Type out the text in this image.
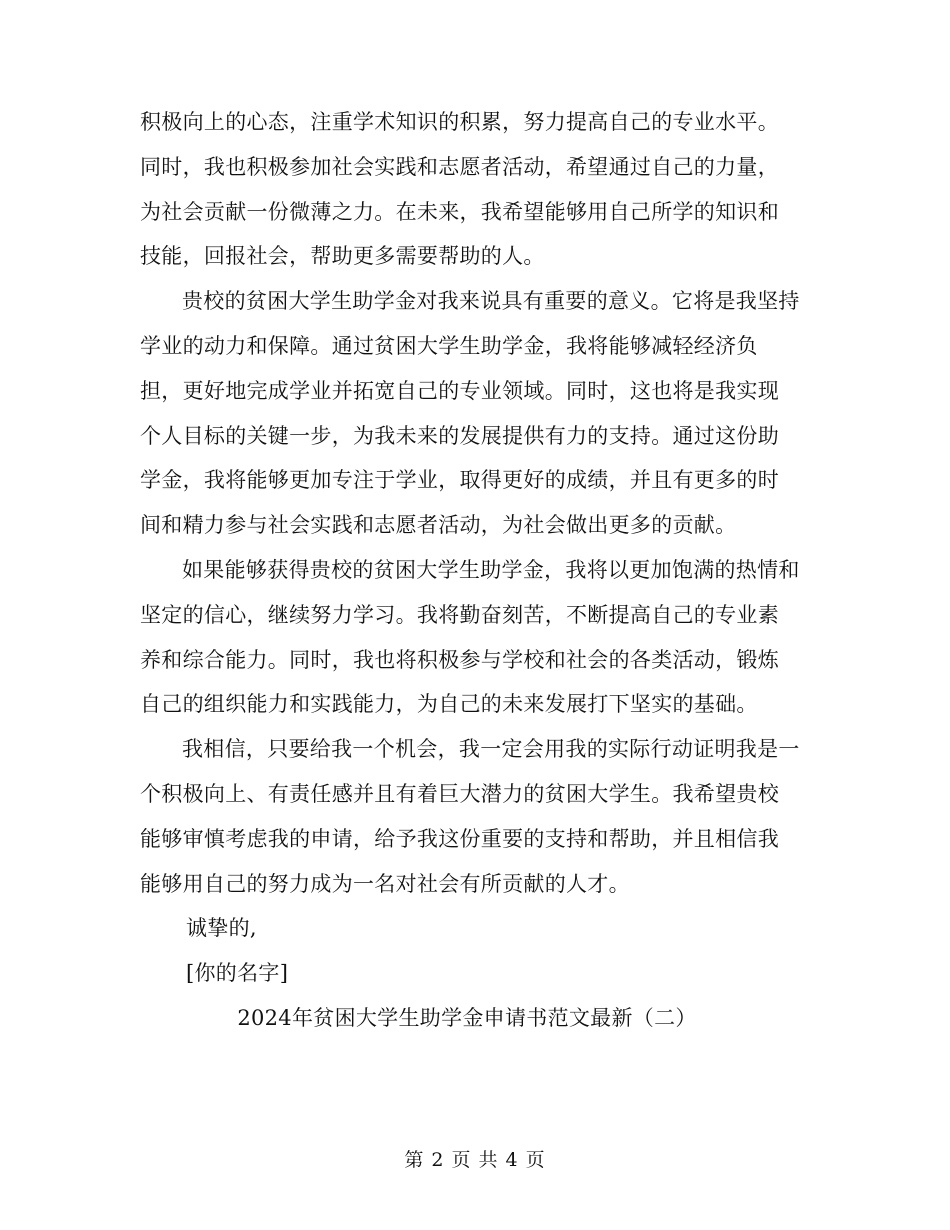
积极向上的心态，注重学术知识的积累，努力提高自己的专业水平。同时，我也积极参加社会实践和志愿者活动，希望通过自己的力量，为社会贡献一份微薄之力。在未来，我希望能够用自己所学的知识和技能，回报社会，帮助更多需要帮助的人。

贵校的贫困大学生助学金对我来说具有重要的意义。它将是我坚持学业的动力和保障。通过贫困大学生助学金，我将能够减轻经济负担，更好地完成学业并拓宽自己的专业领域。同时，这也将是我实现个人目标的关键一步，为我未来的发展提供有力的支持。通过这份助学金，我将能够更加专注于学业，取得更好的成绩，并且有更多的时间和精力参与社会实践和志愿者活动，为社会做出更多的贡献。

如果能够获得贵校的贫困大学生助学金，我将以更加饱满的热情和坚定的信心，继续努力学习。我将勤奋刻苦，不断提高自己的专业素养和综合能力。同时，我也将积极参与学校和社会的各类活动，锻炼自己的组织能力和实践能力，为自己的未来发展打下坚实的基础。

我相信，只要给我一个机会，我一定会用我的实际行动证明我是一个积极向上、有责任感并且有着巨大潜力的贫困大学生。我希望贵校能够审慎考虑我的申请，给予我这份重要的支持和帮助，并且相信我能够用自己的努力成为一名对社会有所贡献的人才。

诚挚的,

[你的名字]

2024年贫困大学生助学金申请书范文最新（二）

第 2 页 共 4 页
